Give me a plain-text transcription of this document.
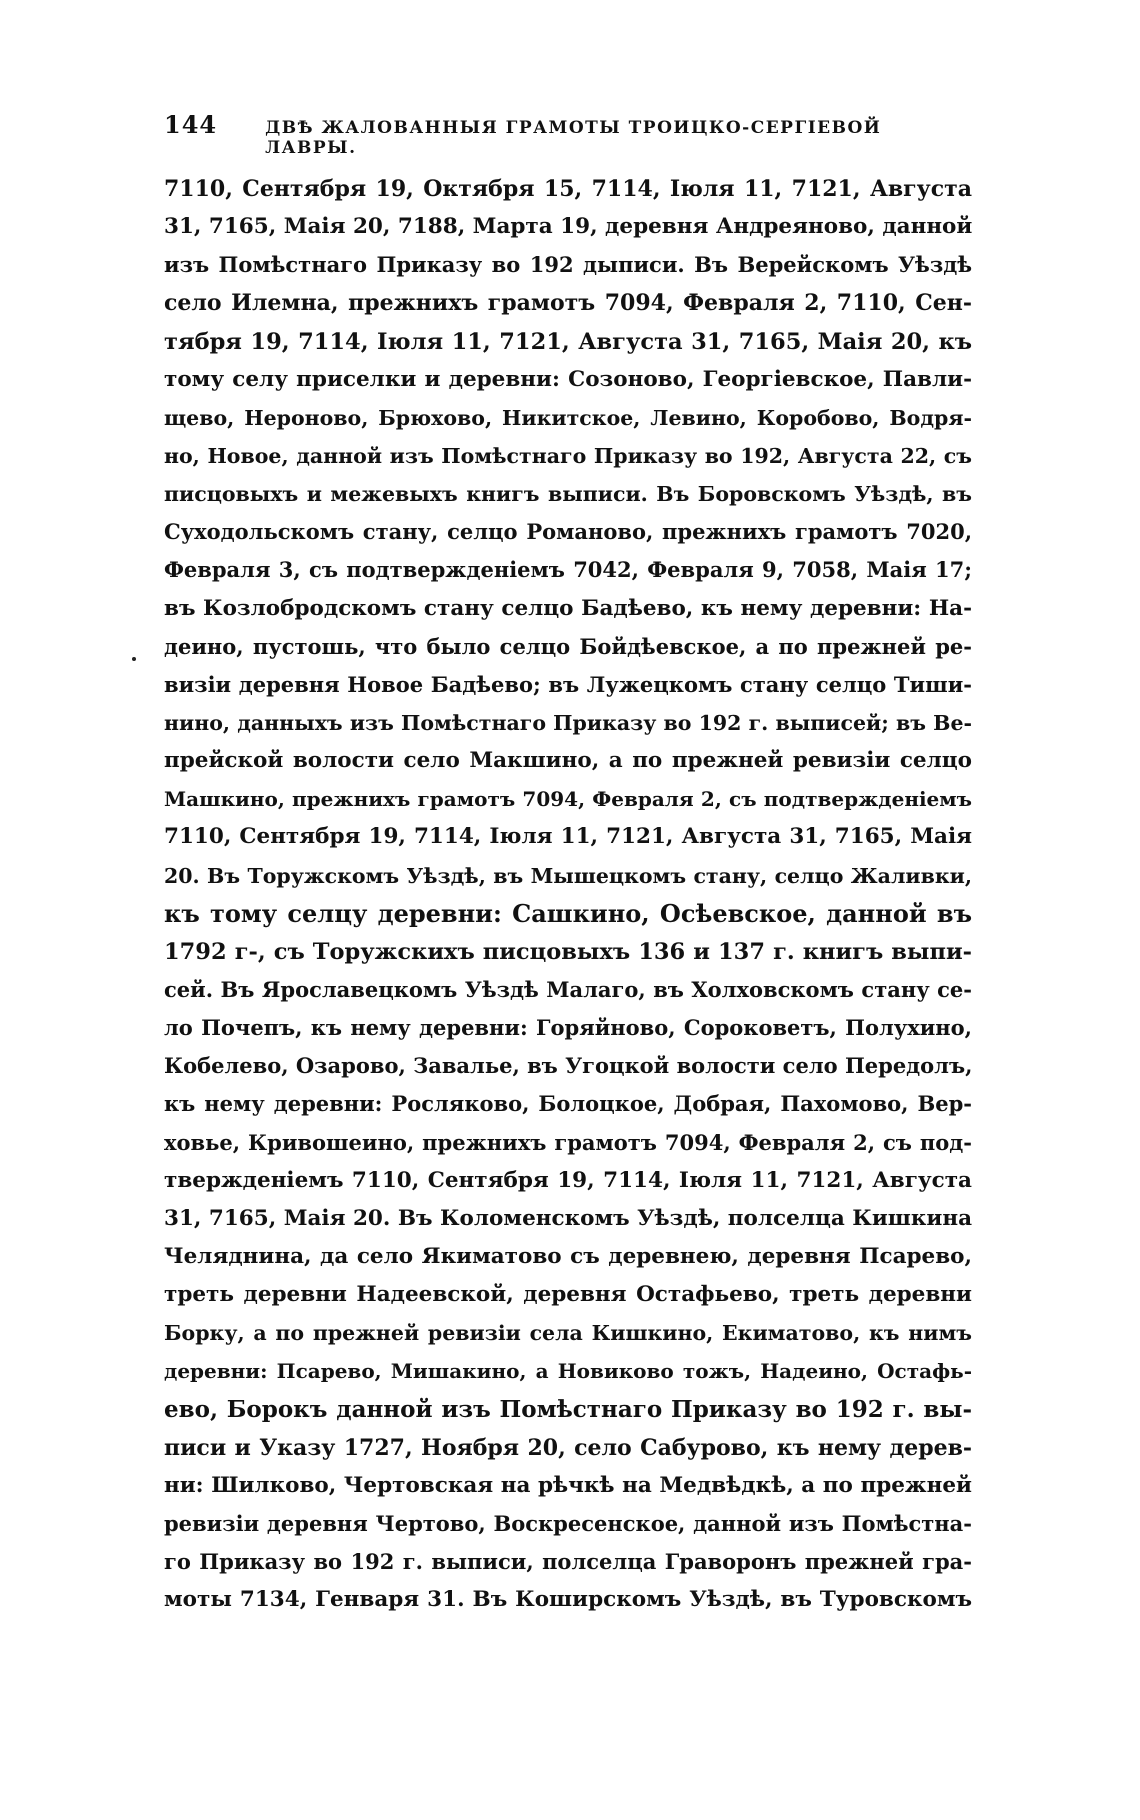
144	ДВѢ ЖАЛОВАННЫЯ ГРАМОТЫ ТРОИЦКО-СЕРГІЕВОЙ ЛАВРЫ.
7110, Сентября 19, Октября 15, 7114, Іюля 11, 7121, Августа
31, 7165, Маія 20, 7188, Марта 19, деревня Андреяново, данной
изъ Помѣстнаго Приказу во 192 дыписи. Въ Верейскомъ Уѣздѣ
село Илемна, прежнихъ грамотъ 7094, Февраля 2, 7110, Сен-
тября 19, 7114, Іюля 11, 7121, Августа 31, 7165, Маія 20, къ
тому селу приселки и деревни: Созоново, Георгіевское, Павли-
щево, Нероново, Брюхово, Никитское, Левино, Коробово, Водря-
но, Новое, данной изъ Помѣстнаго Приказу во 192, Августа 22, съ
писцовыхъ и межевыхъ книгъ выписи. Въ Боровскомъ Уѣздѣ, въ
Суходольскомъ стану, селцо Романово, прежнихъ грамотъ 7020,
Февраля 3, съ подтвержденіемъ 7042, Февраля 9, 7058, Маія 17;
въ Козлобродскомъ стану селцо Бадѣево, къ нему деревни: На-
деино, пустошь, что было селцо Бойдѣевское, а по прежней ре-
визіи деревня Новое Бадѣево; въ Лужецкомъ стану селцо Тиши-
нино, данныхъ изъ Помѣстнаго Приказу во 192 г. выписей; въ Ве-
прейской волости село Макшино, а по прежней ревизіи селцо
Машкино, прежнихъ грамотъ 7094, Февраля 2, съ подтвержденіемъ
7110, Сентября 19, 7114, Іюля 11, 7121, Августа 31, 7165, Маія
20. Въ Торужскомъ Уѣздѣ, въ Мышецкомъ стану, селцо Жаливки,
къ тому селцу деревни: Сашкино, Осѣевское, данной въ
1792 г-, съ Торужскихъ писцовыхъ 136 и 137 г. книгъ выпи-
сей. Въ Ярославецкомъ Уѣздѣ Малаго, въ Холховскомъ стану се-
ло Почепъ, къ нему деревни: Горяйново, Сороковетъ, Полухино,
Кобелево, Озарово, Завалье, въ Угоцкой волости село Передолъ,
къ нему деревни: Росляково, Болоцкое, Добрая, Пахомово, Вер-
ховье, Кривошеино, прежнихъ грамотъ 7094, Февраля 2, съ под-
твержденіемъ 7110, Сентября 19, 7114, Іюля 11, 7121, Августа
31, 7165, Маія 20. Въ Коломенскомъ Уѣздѣ, полселца Кишкина
Челяднина, да село Якиматово съ деревнею, деревня Псарево,
треть деревни Надеевской, деревня Остафьево, треть деревни
Борку, а по прежней ревизіи села Кишкино, Екиматово, къ нимъ
деревни: Псарево, Мишакино, а Новиково тожъ, Надеино, Остафь-
ево, Борокъ данной изъ Помѣстнаго Приказу во 192 г. вы-
писи и Указу 1727, Ноября 20, село Сабурово, къ нему дерев-
ни: Шилково, Чертовская на рѣчкѣ на Медвѣдкѣ, а по прежней
ревизіи деревня Чертово, Воскресенское, данной изъ Помѣстна-
го Приказу во 192 г. выписи, полселца Граворонъ прежней гра-
моты 7134, Генваря 31. Въ Коширскомъ Уѣздѣ, въ Туровскомъ
